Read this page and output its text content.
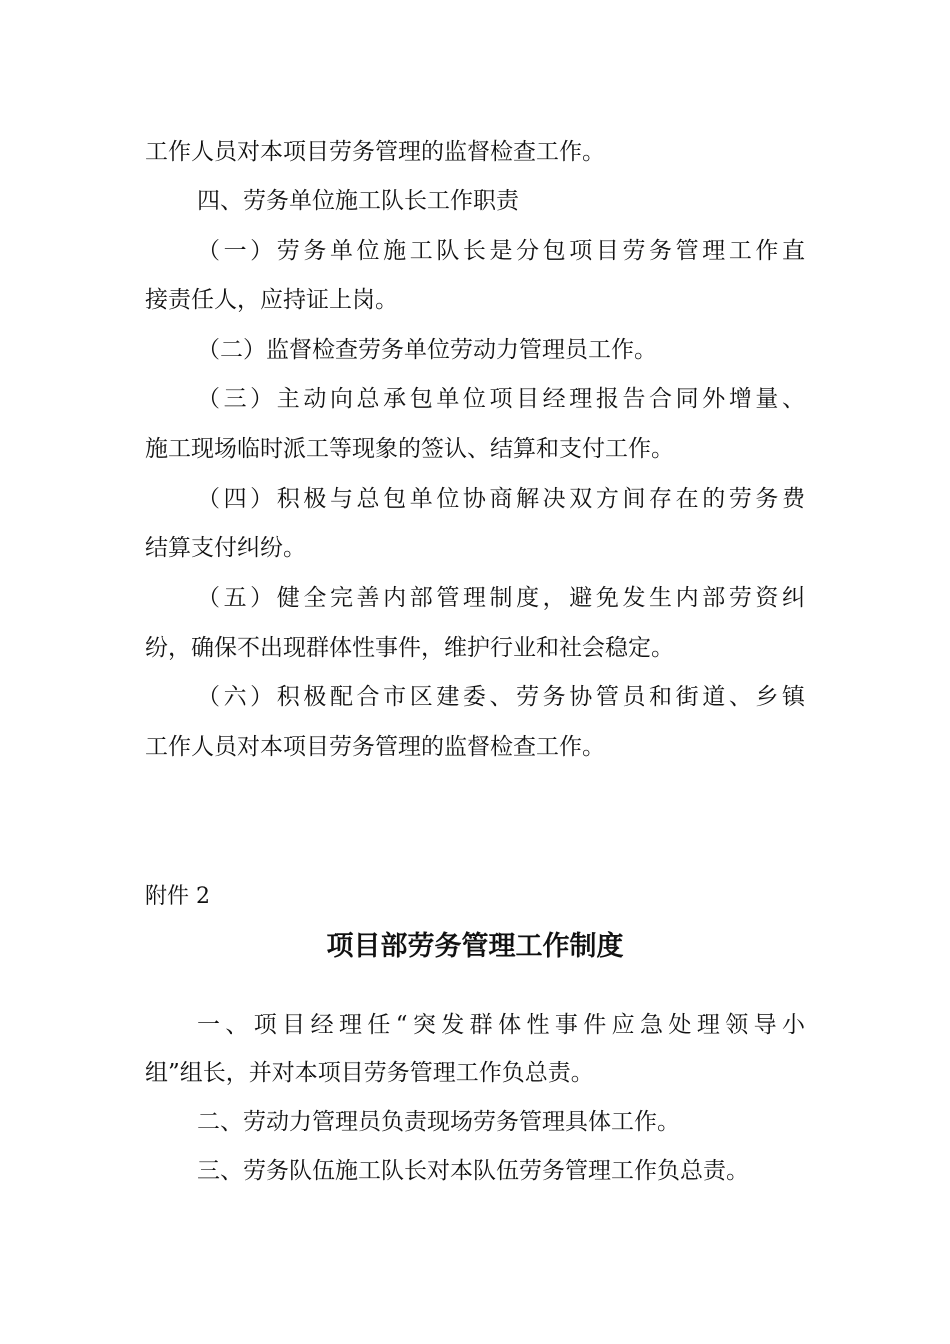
工作人员对本项目劳务管理的监督检查工作。
四、劳务单位施工队长工作职责
（一）劳务单位施工队长是分包项目劳务管理工作直
接责任人，应持证上岗。
（二）监督检查劳务单位劳动力管理员工作。
（三）主动向总承包单位项目经理报告合同外增量、
施工现场临时派工等现象的签认、结算和支付工作。
（四）积极与总包单位协商解决双方间存在的劳务费
结算支付纠纷。
（五）健全完善内部管理制度，避免发生内部劳资纠
纷，确保不出现群体性事件，维护行业和社会稳定。
（六）积极配合市区建委、劳务协管员和街道、乡镇
工作人员对本项目劳务管理的监督检查工作。
附件 2
项目部劳务管理工作制度
一、项目经理任“突发群体性事件应急处理领导小
组”组长，并对本项目劳务管理工作负总责。
二、劳动力管理员负责现场劳务管理具体工作。
三、劳务队伍施工队长对本队伍劳务管理工作负总责。
